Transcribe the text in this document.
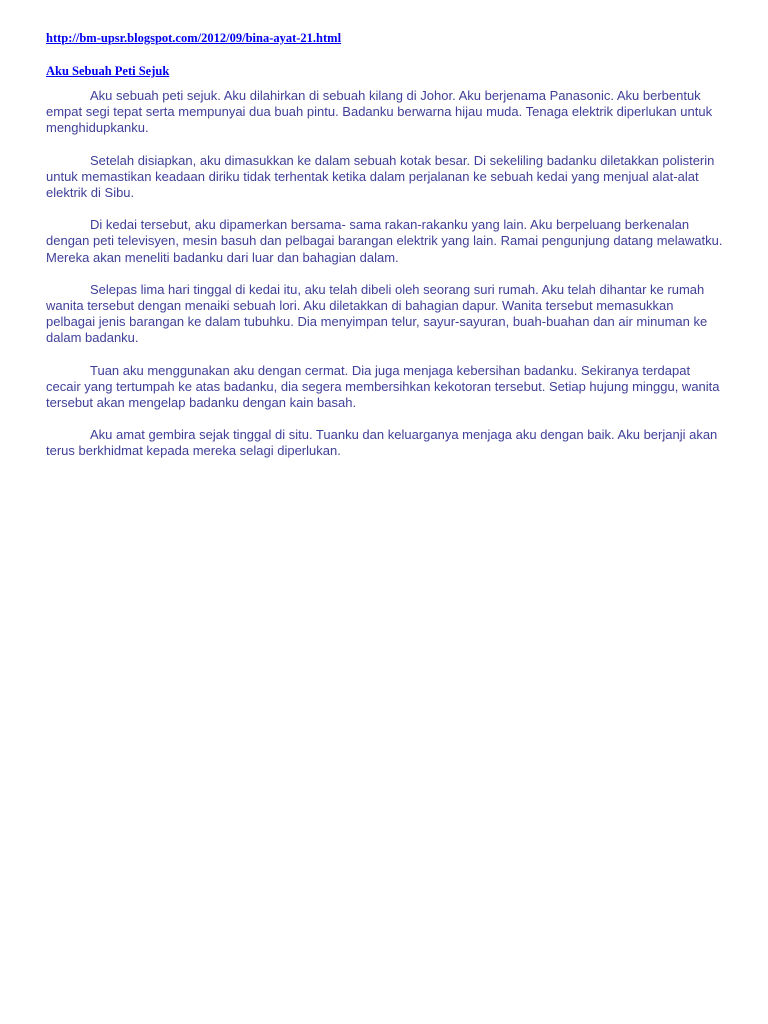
http://bm-upsr.blogspot.com/2012/09/bina-ayat-21.html
Aku Sebuah Peti Sejuk

Aku sebuah peti sejuk. Aku dilahirkan di sebuah kilang di Johor. Aku berjenama Panasonic. Aku berbentuk empat segi tepat serta mempunyai dua buah pintu. Badanku berwarna hijau muda. Tenaga elektrik diperlukan untuk menghidupkanku.

Setelah disiapkan, aku dimasukkan ke dalam sebuah kotak besar. Di sekeliling badanku diletakkan polisterin untuk memastikan keadaan diriku tidak terhentak ketika dalam perjalanan ke sebuah kedai yang menjual alat-alat elektrik di Sibu.

Di kedai tersebut, aku dipamerkan bersama- sama rakan-rakanku yang lain. Aku berpeluang berkenalan dengan peti televisyen, mesin basuh dan pelbagai barangan elektrik yang lain. Ramai pengunjung datang melawatku. Mereka akan meneliti badanku dari luar dan bahagian dalam.

Selepas lima hari tinggal di kedai itu, aku telah dibeli oleh seorang suri rumah. Aku telah dihantar ke rumah wanita tersebut dengan menaiki sebuah lori. Aku diletakkan di bahagian dapur. Wanita tersebut memasukkan pelbagai jenis barangan ke dalam tubuhku. Dia menyimpan telur, sayur-sayuran, buah-buahan dan air minuman ke dalam badanku.

Tuan aku menggunakan aku dengan cermat. Dia juga menjaga kebersihan badanku. Sekiranya terdapat cecair yang tertumpah ke atas badanku, dia segera membersihkan kekotoran tersebut. Setiap hujung minggu, wanita tersebut akan mengelap badanku dengan kain basah.

Aku amat gembira sejak tinggal di situ. Tuanku dan keluarganya menjaga aku dengan baik. Aku berjanji akan terus berkhidmat kepada mereka selagi diperlukan.
